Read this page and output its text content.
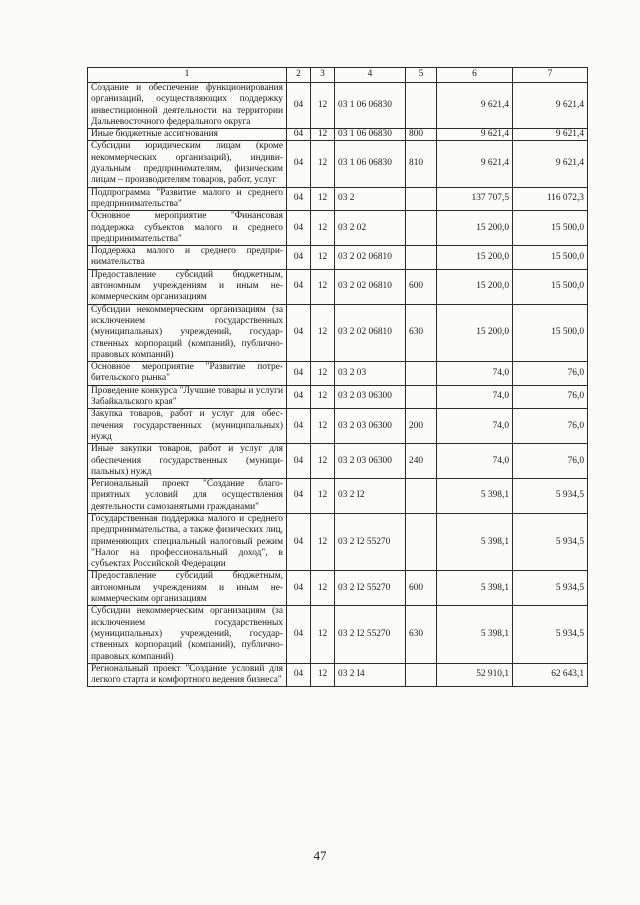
1	2	3	4	5	6	7
Создание и обеспечение функционирования организаций, осуществляющих поддержку инвестиционной деятельности на территории Дальневосточного федерального округа	04	12	03 1 06 06830		9 621,4	9 621,4
Иные бюджетные ассигнования	04	12	03 1 06 06830	800	9 621,4	9 621,4
Субсидии юридическим лицам (кроме некоммерческих организаций), индивидуальным предпринимателям, физическим лицам – производителям товаров, работ, услуг	04	12	03 1 06 06830	810	9 621,4	9 621,4
Подпрограмма "Развитие малого и среднего предпринимательства"	04	12	03 2		137 707,5	116 072,3
Основное мероприятие "Финансовая поддержка субъектов малого и среднего предпринимательства"	04	12	03 2 02		15 200,0	15 500,0
Поддержка малого и среднего предпринимательства	04	12	03 2 02 06810		15 200,0	15 500,0
Предоставление субсидий бюджетным, автономным учреждениям и иным некоммерческим организациям	04	12	03 2 02 06810	600	15 200,0	15 500,0
Субсидии некоммерческим организациям (за исключением государственных (муниципальных) учреждений, государственных корпораций (компаний), публично-правовых компаний)	04	12	03 2 02 06810	630	15 200,0	15 500,0
Основное мероприятие "Развитие потребительского рынка"	04	12	03 2 03		74,0	76,0
Проведение конкурса "Лучшие товары и услуги Забайкальского края"	04	12	03 2 03 06300		74,0	76,0
Закупка товаров, работ и услуг для обеспечения государственных (муниципальных) нужд	04	12	03 2 03 06300	200	74,0	76,0
Иные закупки товаров, работ и услуг для обеспечения государственных (муниципальных) нужд	04	12	03 2 03 06300	240	74,0	76,0
Региональный проект "Создание благоприятных условий для осуществления деятельности самозанятыми гражданами"	04	12	03 2 I2		5 398,1	5 934,5
Государственная поддержка малого и среднего предпринимательства, а также физических лиц, применяющих специальный налоговый режим "Налог на профессиональный доход", в субъектах Российской Федерации	04	12	03 2 I2 55270		5 398,1	5 934,5
Предоставление субсидий бюджетным, автономным учреждениям и иным некоммерческим организациям	04	12	03 2 I2 55270	600	5 398,1	5 934,5
Субсидии некоммерческим организациям (за исключением государственных (муниципальных) учреждений, государственных корпораций (компаний), публично-правовых компаний)	04	12	03 2 I2 55270	630	5 398,1	5 934,5
Региональный проект "Создание условий для легкого старта и комфортного ведения бизнеса"	04	12	03 2 I4		52 910,1	62 643,1
47
